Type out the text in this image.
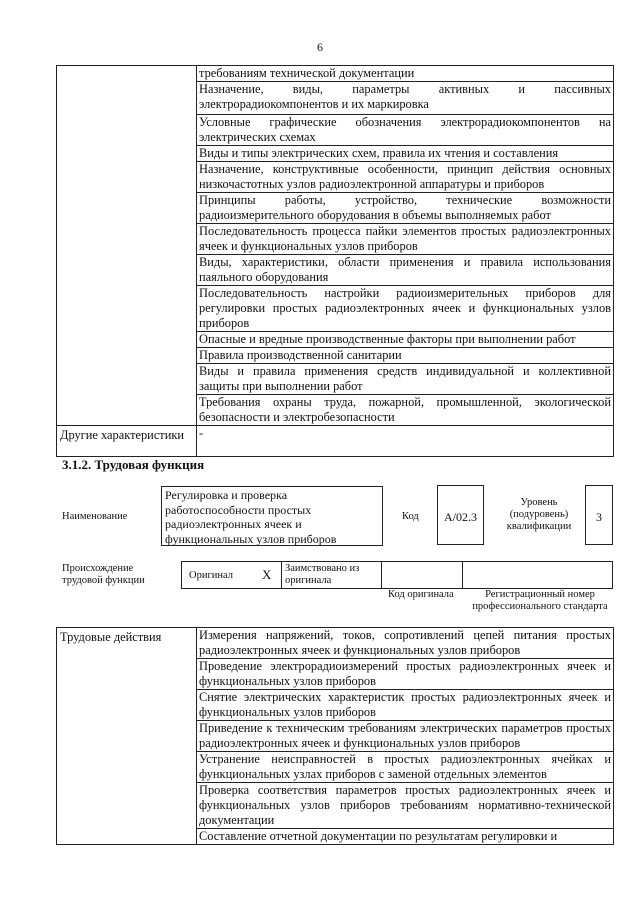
6
	требованиям технической документации
	Назначение, виды, параметры активных и пассивных электрорадиокомпонентов и их маркировка
	Условные графические обозначения электрорадиокомпонентов на электрических схемах
	Виды и типы электрических схем, правила их чтения и составления
	Назначение, конструктивные особенности, принцип действия основных низкочастотных узлов радиоэлектронной аппаратуры и приборов
	Принципы работы, устройство, технические возможности радиоизмерительного оборудования в объемы выполняемых работ
	Последовательность процесса пайки элементов простых радиоэлектронных ячеек и функциональных узлов приборов
	Виды, характеристики, области применения и правила использования паяльного оборудования
	Последовательность настройки радиоизмерительных приборов для регулировки простых радиоэлектронных ячеек и функциональных узлов приборов
	Опасные и вредные производственные факторы при выполнении работ
	Правила производственной санитарии
	Виды и правила применения средств индивидуальной и коллективной защиты при выполнении работ
	Требования охраны труда, пожарной, промышленной, экологической безопасности и электробезопасности
Другие характеристики	-
3.1.2. Трудовая функция
Наименование
Регулировка и проверка работоспособности простых радиоэлектронных ячеек и функциональных узлов приборов
Код	A/02.3
Уровень (подуровень) квалификации
3
Происхождение трудовой функции	Оригинал X Заимствовано из оригинала
Код оригинала	Регистрационный номер профессионального стандарта
Трудовые действия	Измерения напряжений, токов, сопротивлений цепей питания простых радиоэлектронных ячеек и функциональных узлов приборов
Проведение электрорадиоизмерений простых радиоэлектронных ячеек и функциональных узлов приборов
Снятие электрических характеристик простых радиоэлектронных ячеек и функциональных узлов приборов
Приведение к техническим требованиям электрических параметров простых радиоэлектронных ячеек и функциональных узлов приборов
Устранение неисправностей в простых радиоэлектронных ячейках и функциональных узлах приборов с заменой отдельных элементов
Проверка соответствия параметров простых радиоэлектронных ячеек и функциональных узлов приборов требованиям нормативно-технической документации
Составление отчетной документации по результатам регулировки и
